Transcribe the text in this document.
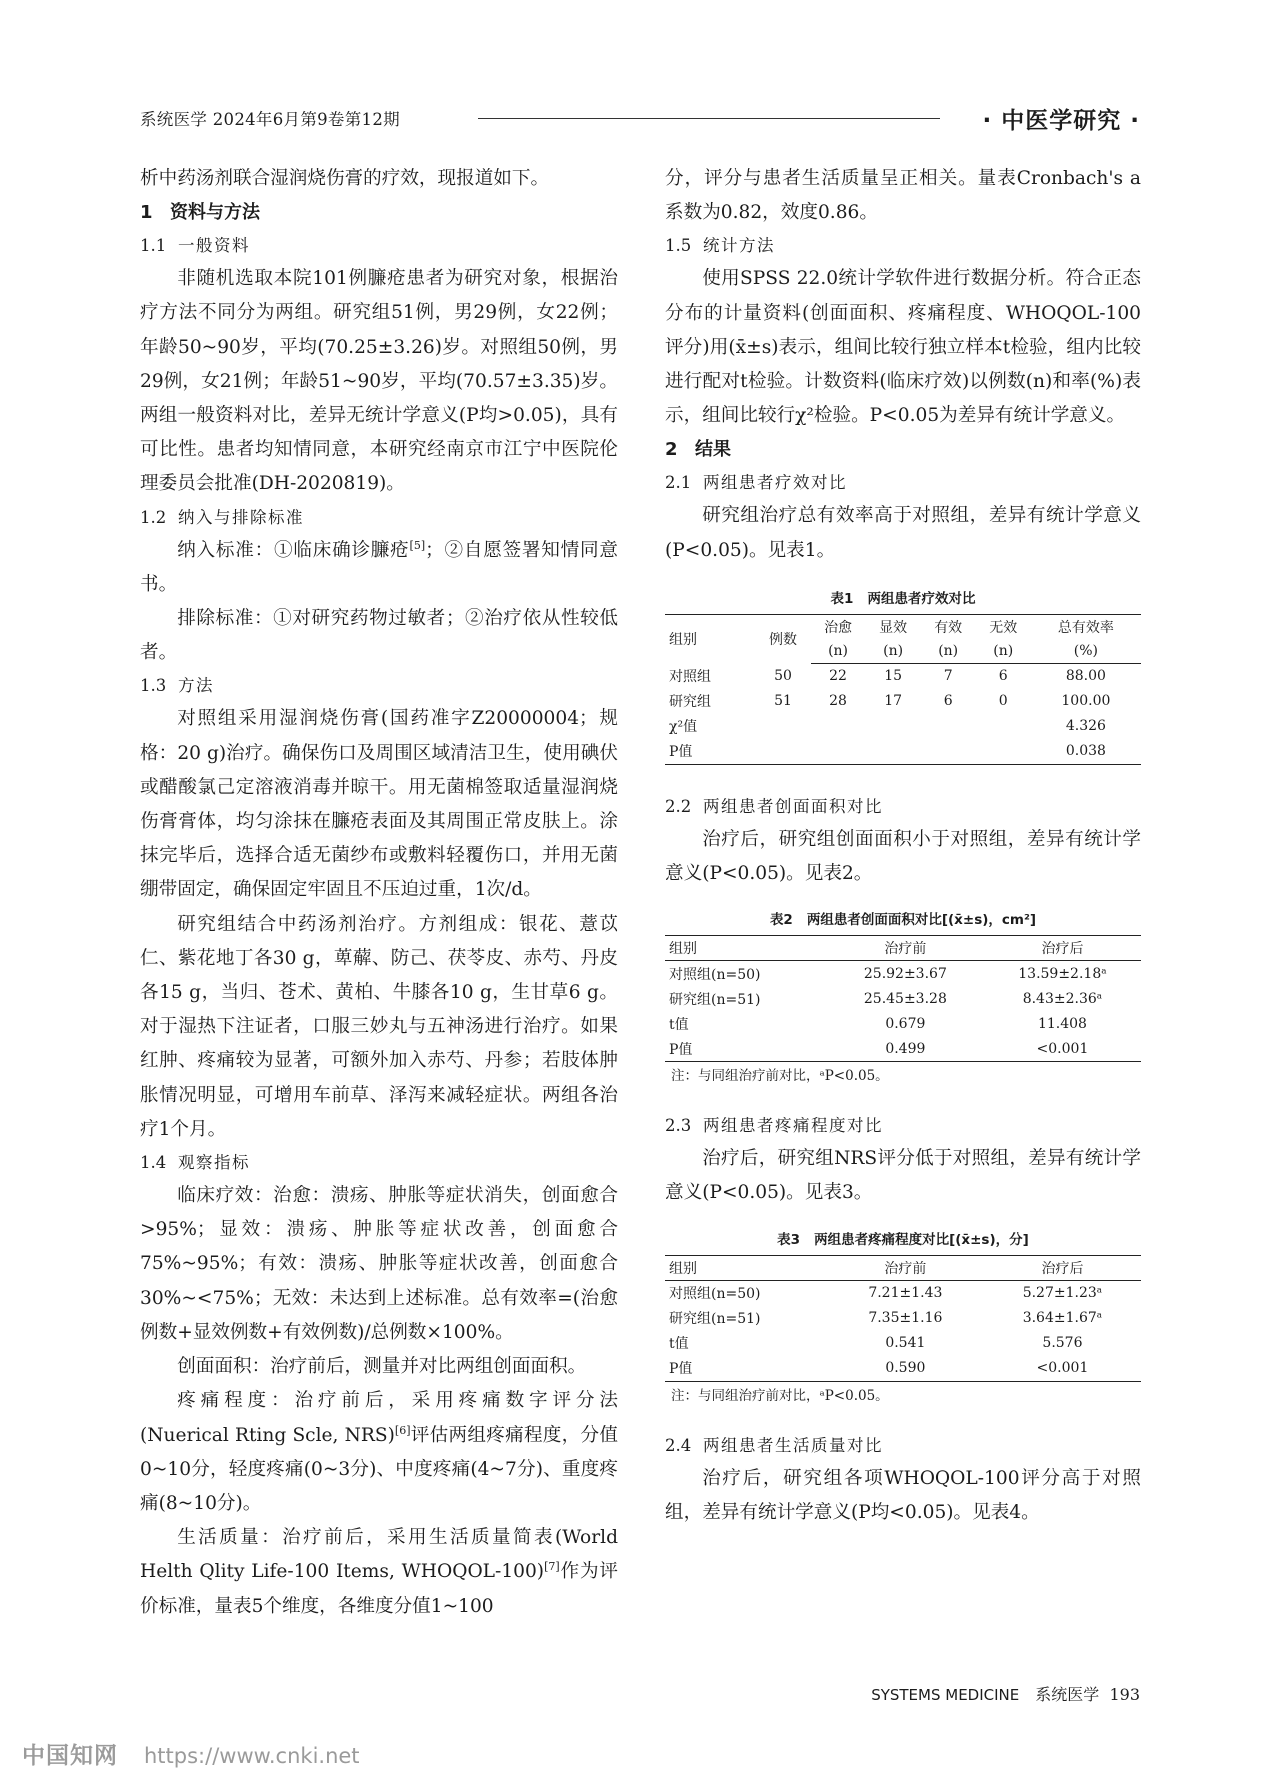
系统医学 2024年6月第9卷第12期	· 中医学研究 ·

析中药汤剂联合湿润烧伤膏的疗效，现报道如下。

1 资料与方法
1.1 一般资料

非随机选取本院101例臁疮患者为研究对象，根据治疗方法不同分为两组。研究组51例，男29例，女22例；年龄50~90岁，平均(70.25±3.26)岁。对照组50例，男29例，女21例；年龄51~90岁，平均(70.57±3.35)岁。两组一般资料对比，差异无统计学意义(P均>0.05)，具有可比性。患者均知情同意，本研究经南京市江宁中医院伦理委员会批准(DH-2020819)。

1.2 纳入与排除标准

纳入标准：①临床确诊臁疮[5]；②自愿签署知情同意书。

排除标准：①对研究药物过敏者；②治疗依从性较低者。

1.3 方法

对照组采用湿润烧伤膏(国药准字Z20000004；规格：20 g)治疗。确保伤口及周围区域清洁卫生，使用碘伏或醋酸氯己定溶液消毒并晾干。用无菌棉签取适量湿润烧伤膏膏体，均匀涂抹在臁疮表面及其周围正常皮肤上。涂抹完毕后，选择合适无菌纱布或敷料轻覆伤口，并用无菌绷带固定，确保固定牢固且不压迫过重，1次/d。

研究组结合中药汤剂治疗。方剂组成：银花、薏苡仁、紫花地丁各30 g，萆薢、防己、茯苓皮、赤芍、丹皮各15 g，当归、苍术、黄柏、牛膝各10 g，生甘草6 g。对于湿热下注证者，口服三妙丸与五神汤进行治疗。如果红肿、疼痛较为显著，可额外加入赤芍、丹参；若肢体肿胀情况明显，可增用车前草、泽泻来减轻症状。两组各治疗1个月。

1.4 观察指标

临床疗效：治愈：溃疡、肿胀等症状消失，创面愈合>95%；显效：溃疡、肿胀等症状改善，创面愈合75%~95%；有效：溃疡、肿胀等症状改善，创面愈合30%~<75%；无效：未达到上述标准。总有效率=(治愈例数+显效例数+有效例数)/总例数×100%。

创面面积：治疗前后，测量并对比两组创面面积。

疼痛程度：治疗前后，采用疼痛数字评分法(Nuerical Rting Scle, NRS)[6]评估两组疼痛程度，分值0~10分，轻度疼痛(0~3分)、中度疼痛(4~7分)、重度疼痛(8~10分)。

生活质量：治疗前后，采用生活质量简表(World Helth Qlity Life-100 Items, WHOQOL-100)[7]作为评价标准，量表5个维度，各维度分值1~100

分，评分与患者生活质量呈正相关。量表Cronbach's a系数为0.82，效度0.86。

1.5 统计方法

使用SPSS 22.0统计学软件进行数据分析。符合正态分布的计量资料(创面面积、疼痛程度、WHOQOL-100评分)用(x̄±s)表示，组间比较行独立样本t检验，组内比较进行配对t检验。计数资料(临床疗效)以例数(n)和率(%)表示，组间比较行χ²检验。P<0.05为差异有统计学意义。

2 结果
2.1 两组患者疗效对比

研究组治疗总有效率高于对照组，差异有统计学意义(P<0.05)。见表1。

表1 两组患者疗效对比
组别	例数	治愈	显效	有效	无效	总有效率
		(n)	(n)	(n)	(n)	(%)
对照组	50	22	15	7	6	88.00
研究组	51	28	17	6	0	100.00
χ²值						4.326
P值						0.038
2.2 两组患者创面面积对比

治疗后，研究组创面面积小于对照组，差异有统计学意义(P<0.05)。见表2。

表2 两组患者创面面积对比[(x̄±s)，cm²]
组别	治疗前	治疗后
对照组(n=50)	25.92±3.67	13.59±2.18ᵃ
研究组(n=51)	25.45±3.28	8.43±2.36ᵃ
t值	0.679	11.408
P值	0.499	<0.001
注：与同组治疗前对比，ᵃP<0.05。
2.3 两组患者疼痛程度对比

治疗后，研究组NRS评分低于对照组，差异有统计学意义(P<0.05)。见表3。

表3 两组患者疼痛程度对比[(x̄±s)，分]
组别	治疗前	治疗后
对照组(n=50)	7.21±1.43	5.27±1.23ᵃ
研究组(n=51)	7.35±1.16	3.64±1.67ᵃ
t值	0.541	5.576
P值	0.590	<0.001
注：与同组治疗前对比，ᵃP<0.05。
2.4 两组患者生活质量对比

治疗后，研究组各项WHOQOL-100评分高于对照组，差异有统计学意义(P均<0.05)。见表4。

SYSTEMS MEDICINE 系统医学 193
中国知网 https://www.cnki.net
